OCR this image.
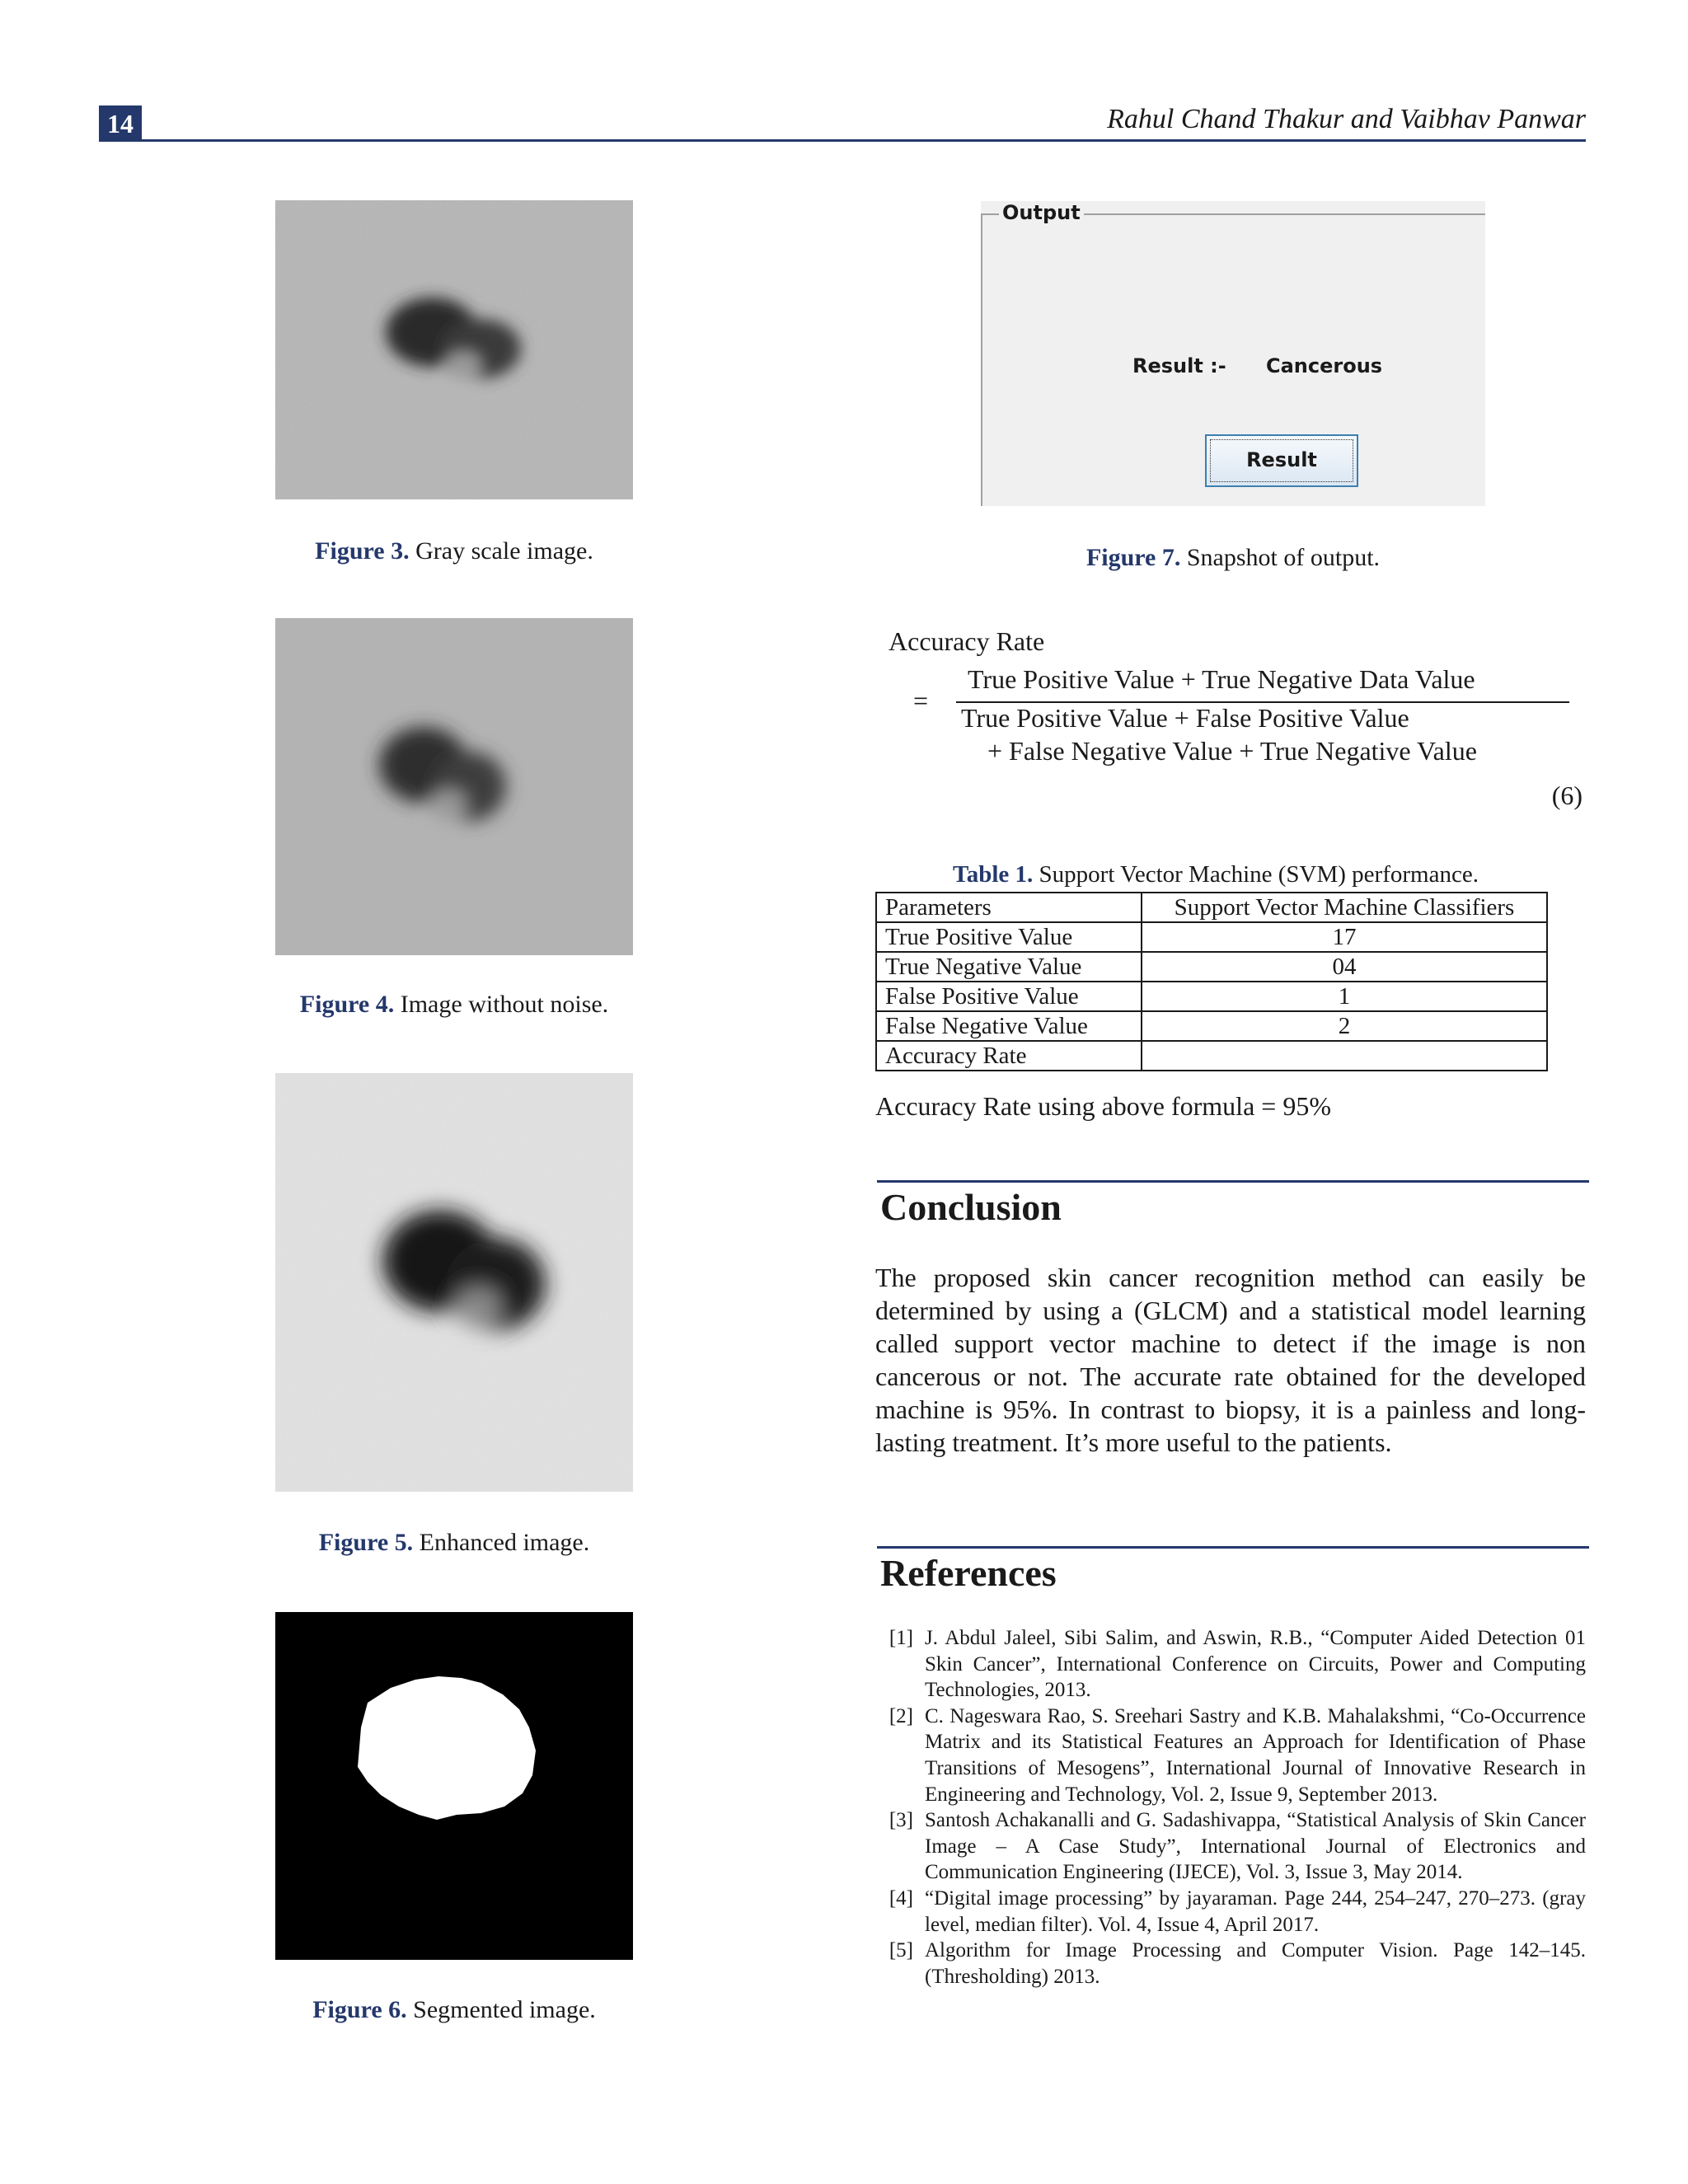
14	Rahul Chand Thakur and Vaibhav Panwar
Figure 3. Gray scale image.
Figure 4. Image without noise.
Figure 5. Enhanced image.
Figure 6. Segmented image.
Output
Result :- Cancerous
Result
Figure 7. Snapshot of output.
Accuracy Rate
=
True Positive Value + True Negative Data Value
True Positive Value + False Positive Value
+ False Negative Value + True Negative Value
(6)
Table 1. Support Vector Machine (SVM) performance.
Parameters	Support Vector Machine Classifiers
True Positive Value	17
True Negative Value	04
False Positive Value	1
False Negative Value	2
Accuracy Rate	
Accuracy Rate using above formula = 95%
Conclusion
The proposed skin cancer recognition method can easily be determined by using a (GLCM) and a statistical model learning called support vector machine to detect if the image is non cancerous or not. The accurate rate obtained for the developed machine is 95%. In contrast to biopsy, it is a painless and long-lasting treatment. It’s more useful to the patients.
References
[1] J. Abdul Jaleel, Sibi Salim, and Aswin, R.B., “Computer Aided Detection 01 Skin Cancer”, International Conference on Circuits, Power and Computing Technologies, 2013.
[2] C. Nageswara Rao, S. Sreehari Sastry and K.B. Mahalakshmi, “Co-Occurrence Matrix and its Statistical Features an Approach for Identification of Phase Transitions of Mesogens”, International Journal of Innovative Research in Engineering and Technology, Vol. 2, Issue 9, September 2013.
[3] Santosh Achakanalli and G. Sadashivappa, “Statistical Analysis of Skin Cancer Image – A Case Study”, International Journal of Electronics and Communication Engineering (IJECE), Vol. 3, Issue 3, May 2014.
[4] “Digital image processing” by jayaraman. Page 244, 254–247, 270–273. (gray level, median filter). Vol. 4, Issue 4, April 2017.
[5] Algorithm for Image Processing and Computer Vision. Page 142–145. (Thresholding) 2013.
